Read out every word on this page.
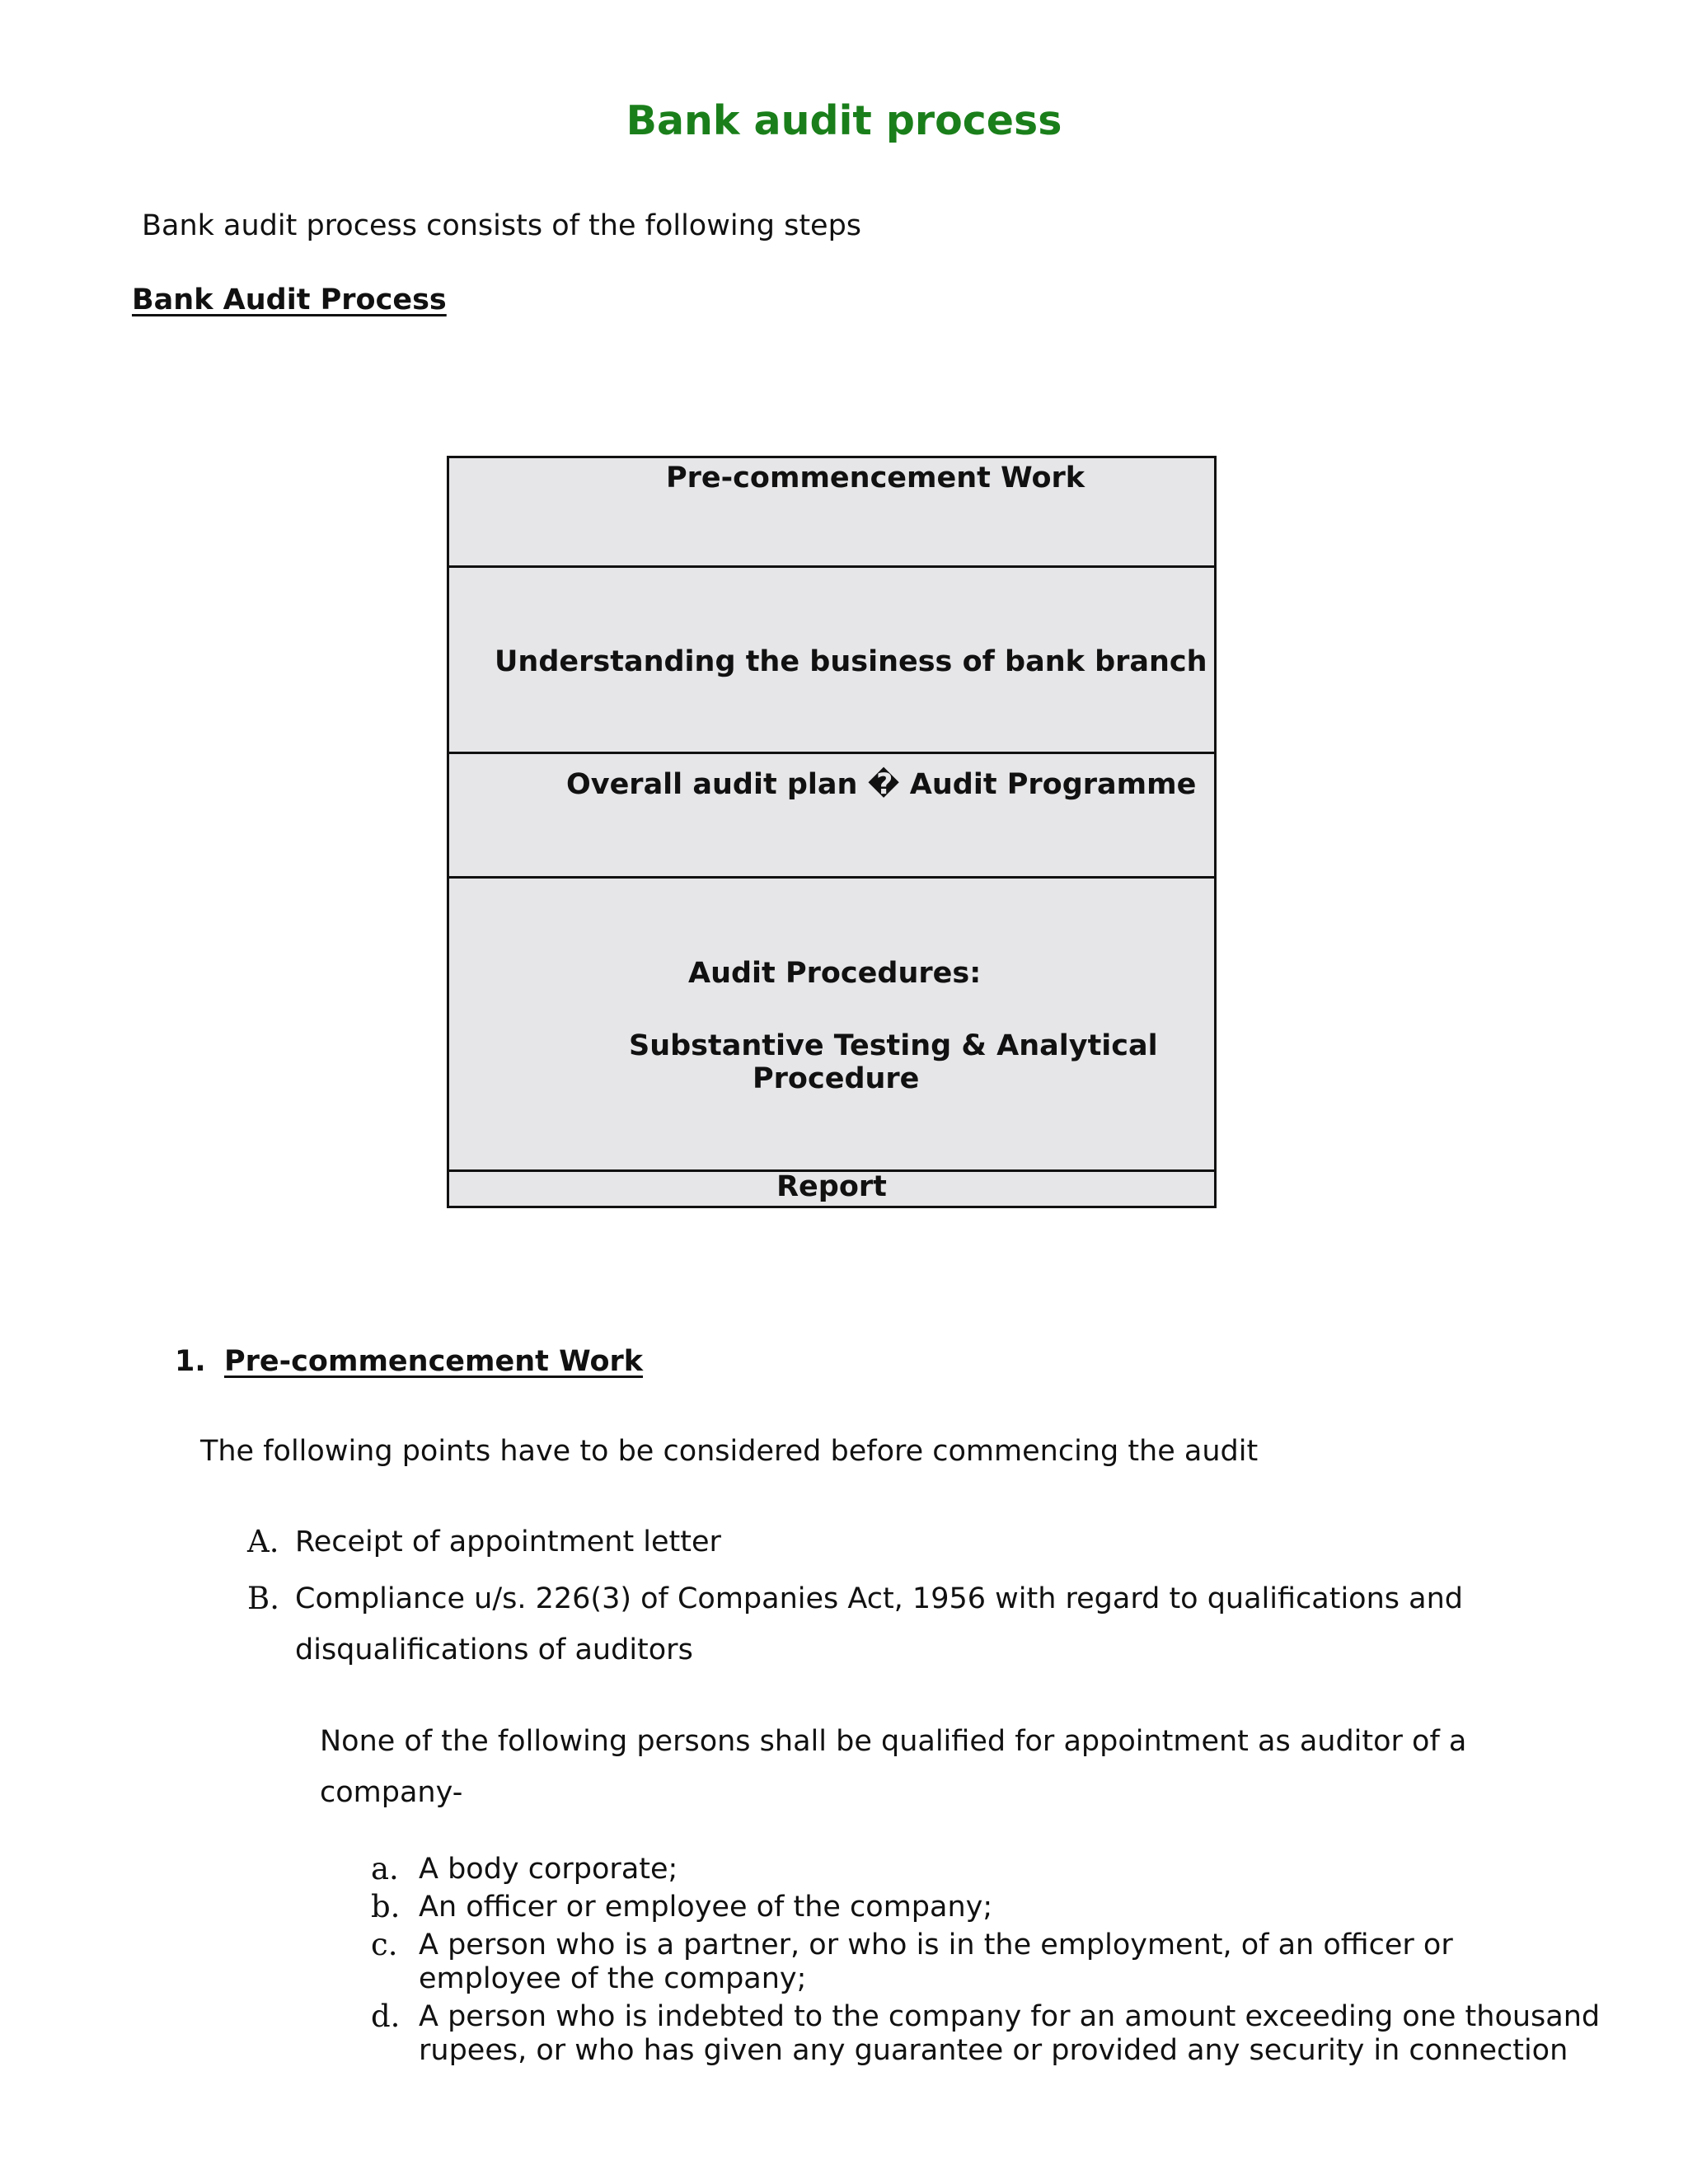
Bank audit process
Bank audit process consists of the following steps
Bank Audit Process
Pre-commencement Work
Understanding the business of bank branch
Overall audit plan � Audit Programme
Audit Procedures:
Substantive Testing & Analytical
Procedure
Report
1. Pre-commencement Work
The following points have to be considered before commencing the audit
A. Receipt of appointment letter
B. Compliance u/s. 226(3) of Companies Act, 1956 with regard to qualifications and
disqualifications of auditors
None of the following persons shall be qualified for appointment as auditor of a
company-
a. A body corporate;
b. An officer or employee of the company;
c. A person who is a partner, or who is in the employment, of an officer or
employee of the company;
d. A person who is indebted to the company for an amount exceeding one thousand
rupees, or who has given any guarantee or provided any security in connection
